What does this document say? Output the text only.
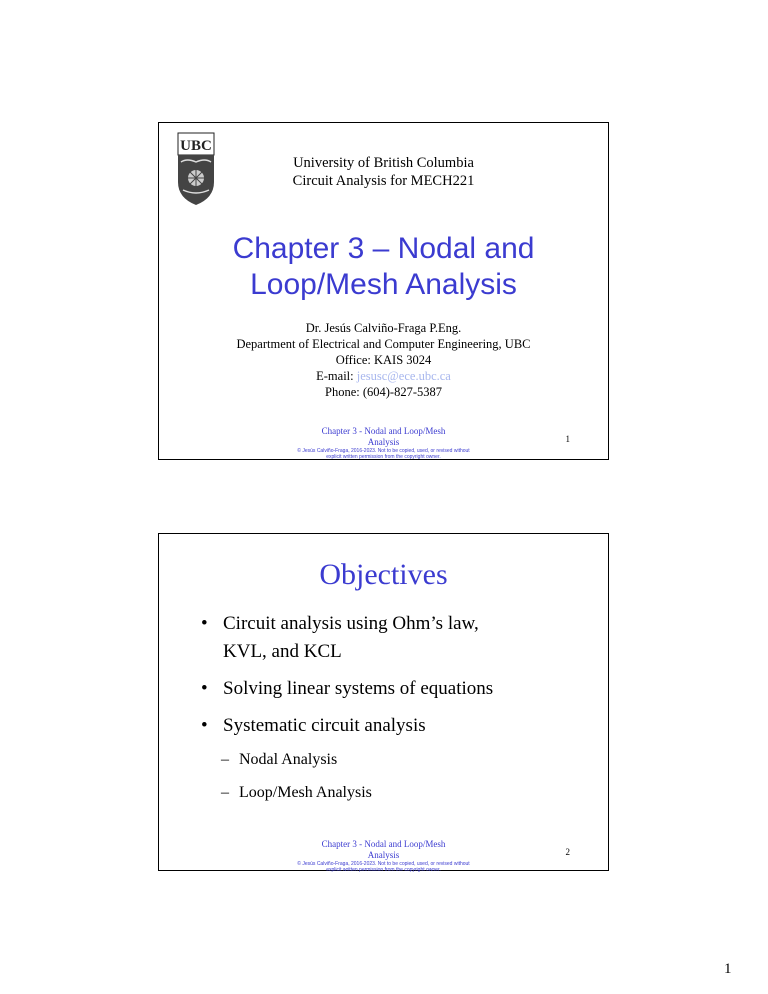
UBC
University of British Columbia
Circuit Analysis for MECH221
Chapter 3 – Nodal and
Loop/Mesh Analysis
Dr. Jesús Calviño-Fraga P.Eng.
Department of Electrical and Computer Engineering, UBC
Office: KAIS 3024
E-mail: jesusc@ece.ubc.ca
Phone: (604)-827-5387
Chapter 3 - Nodal and Loop/Mesh
Analysis
© Jesús Calviño-Fraga, 2016-2023. Not to be copied, used, or revised without
explicit written permission from the copyright owner.
1
Objectives
• Circuit analysis using Ohm’s law,
KVL, and KCL
• Solving linear systems of equations
• Systematic circuit analysis
– Nodal Analysis
– Loop/Mesh Analysis
Chapter 3 - Nodal and Loop/Mesh
Analysis
© Jesús Calviño-Fraga, 2016-2023. Not to be copied, used, or revised without
explicit written permission from the copyright owner.
2
1
